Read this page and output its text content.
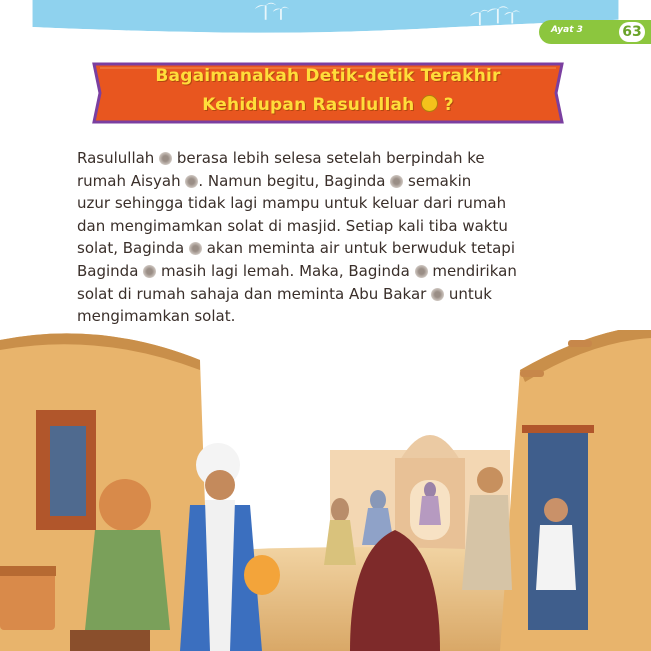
Ayat 3	63
Bagaimanakah Detik-detik Terakhir
Kehidupan Rasulullah ?
Rasulullah berasa lebih selesa setelah berpindah ke
rumah Aisyah . Namun begitu, Baginda semakin
uzur sehingga tidak lagi mampu untuk keluar dari rumah
dan mengimamkan solat di masjid. Setiap kali tiba waktu
solat, Baginda akan meminta air untuk berwuduk tetapi
Baginda masih lagi lemah. Maka, Baginda mendirikan
solat di rumah sahaja dan meminta Abu Bakar untuk
mengimamkan solat.
